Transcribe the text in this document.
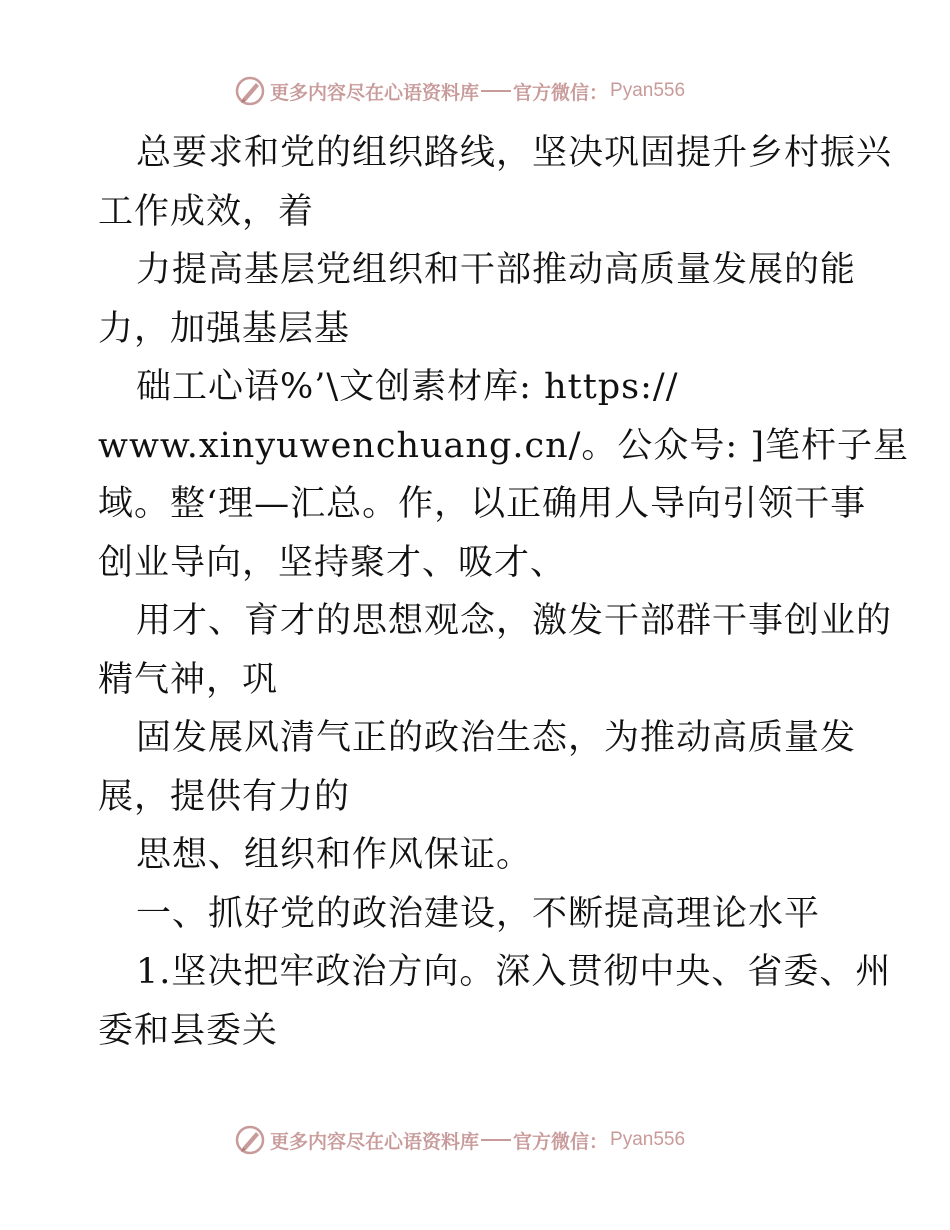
更多内容尽在心语资料库 官方微信： Pyan556
总要求和党的组织路线，坚决巩固提升乡村振兴
工作成效，着
力提高基层党组织和干部推动高质量发展的能
力，加强基层基
础工心语%’\文创素材库: https://
www.xinyuwenchuang.cn/。公众号: ]笔杆子星
域。整‘理—汇总。作，以正确用人导向引领干事
创业导向，坚持聚才、吸才、
用才、育才的思想观念，激发干部群干事创业的
精气神，巩
固发展风清气正的政治生态，为推动高质量发
展，提供有力的
思想、组织和作风保证。
一、抓好党的政治建设，不断提高理论水平
1.坚决把牢政治方向。深入贯彻中央、省委、州
委和县委关
更多内容尽在心语资料库 官方微信： Pyan556
